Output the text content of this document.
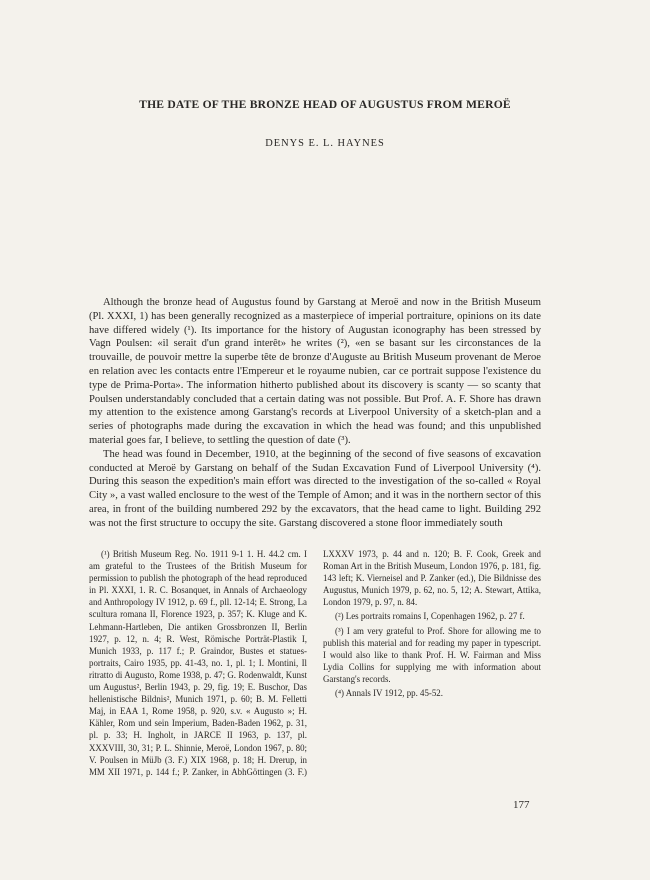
THE DATE OF THE BRONZE HEAD OF AUGUSTUS FROM MEROË
DENYS E. L. HAYNES

Although the bronze head of Augustus found by Garstang at Meroë and now in the British Museum (Pl. XXXI, 1) has been generally recognized as a masterpiece of imperial portraiture, opinions on its date have differed widely (¹). Its importance for the history of Augustan iconography has been stressed by Vagn Poulsen: «il serait d'un grand interêt» he writes (²), «en se basant sur les circonstances de la trouvaille, de pouvoir mettre la superbe tête de bronze d'Auguste au British Museum provenant de Meroe en relation avec les contacts entre l'Empereur et le royaume nubien, car ce portrait suppose l'existence du type de Prima-Porta». The information hitherto published about its discovery is scanty — so scanty that Poulsen understandably concluded that a certain dating was not possible. But Prof. A. F. Shore has drawn my attention to the existence among Garstang's records at Liverpool University of a sketch-plan and a series of photographs made during the excavation in which the head was found; and this unpublished material goes far, I believe, to settling the question of date (³).

The head was found in December, 1910, at the beginning of the second of five seasons of excavation conducted at Meroë by Garstang on behalf of the Sudan Excavation Fund of Liverpool University (⁴). During this season the expedition's main effort was directed to the investigation of the so-called « Royal City », a vast walled enclosure to the west of the Temple of Amon; and it was in the northern sector of this area, in front of the building numbered 292 by the excavators, that the head came to light. Building 292 was not the first structure to occupy the site. Garstang discovered a stone floor immediately south

(¹) British Museum Reg. No. 1911 9-1 1. H. 44.2 cm. I am grateful to the Trustees of the British Museum for permission to publish the photograph of the head reproduced in Pl. XXXI, 1. R. C. Bosanquet, in Annals of Archaeology and Anthropology IV 1912, p. 69 f., pll. 12-14; E. Strong, La scultura romana II, Florence 1923, p. 357; K. Kluge and K. Lehmann-Hartleben, Die antiken Grossbronzen II, Berlin 1927, p. 12, n. 4; R. West, Römische Porträt-Plastik I, Munich 1933, p. 117 f.; P. Graindor, Bustes et statues-portraits, Cairo 1935, pp. 41-43, no. 1, pl. 1; I. Montini, Il ritratto di Augusto, Rome 1938, p. 47; G. Rodenwaldt, Kunst um Augustus², Berlin 1943, p. 29, fig. 19; E. Buschor, Das hellenistische Bildnis², Munich 1971, p. 60; B. M. Felletti Maj, in EAA 1, Rome 1958, p. 920, s.v. « Augusto »; H. Kähler, Rom und sein Imperium, Baden-Baden 1962, p. 31, pl. p. 33; H. Ingholt, in JARCE II 1963, p. 137, pl. XXXVIII, 30, 31; P. L. Shinnie, Meroë, London 1967, p. 80; V. Poulsen in MüJb (3. F.) XIX 1968, p. 18; H. Drerup, in MM XII 1971, p. 144 f.; P. Zanker, in AbhGöttingen (3. F.) LXXXV 1973, p. 44 and n. 120; B. F. Cook, Greek and Roman Art in the British Museum, London 1976, p. 181, fig. 143 left; K. Vierneisel and P. Zanker (ed.), Die Bildnisse des Augustus, Munich 1979, p. 62, no. 5, 12; A. Stewart, Attika, London 1979, p. 97, n. 84.

(²) Les portraits romains I, Copenhagen 1962, p. 27 f.

(³) I am very grateful to Prof. Shore for allowing me to publish this material and for reading my paper in typescript. I would also like to thank Prof. H. W. Fairman and Miss Lydia Collins for supplying me with information about Garstang's records.

(⁴) Annals IV 1912, pp. 45-52.

177
